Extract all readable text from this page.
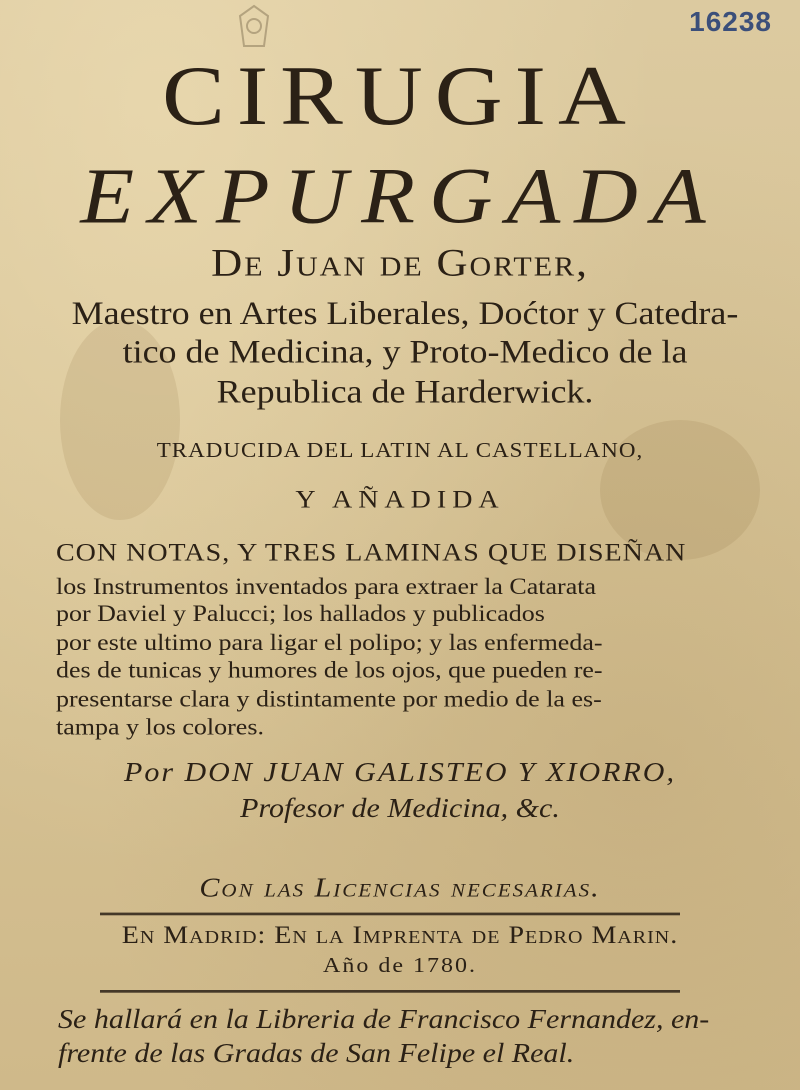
16238
CIRUGIA
EXPURGADA
De Juan de Gorter,
Maestro en Artes Liberales, Doćtor y Catedra-
tico de Medicina, y Proto-Medico de la
Republica de Harderwick.
TRADUCIDA DEL LATIN AL CASTELLANO,
Y AÑADIDA
CON NOTAS, Y TRES LAMINAS QUE DISEÑAN
los Instrumentos inventados para extraer la Catarata
por Daviel y Palucci; los hallados y publicados
por este ultimo para ligar el polipo; y las enfermeda-
des de tunicas y humores de los ojos, que pueden re-
presentarse clara y distintamente por medio de la es-
tampa y los colores.
Por DON JUAN GALISTEO Y XIORRO,
Profesor de Medicina, &c.
Con las Licencias necesarias.
En Madrid: En la Imprenta de Pedro Marin.
Año de 1780.
Se hallará en la Libreria de Francisco Fernandez, en-
frente de las Gradas de San Felipe el Real.
